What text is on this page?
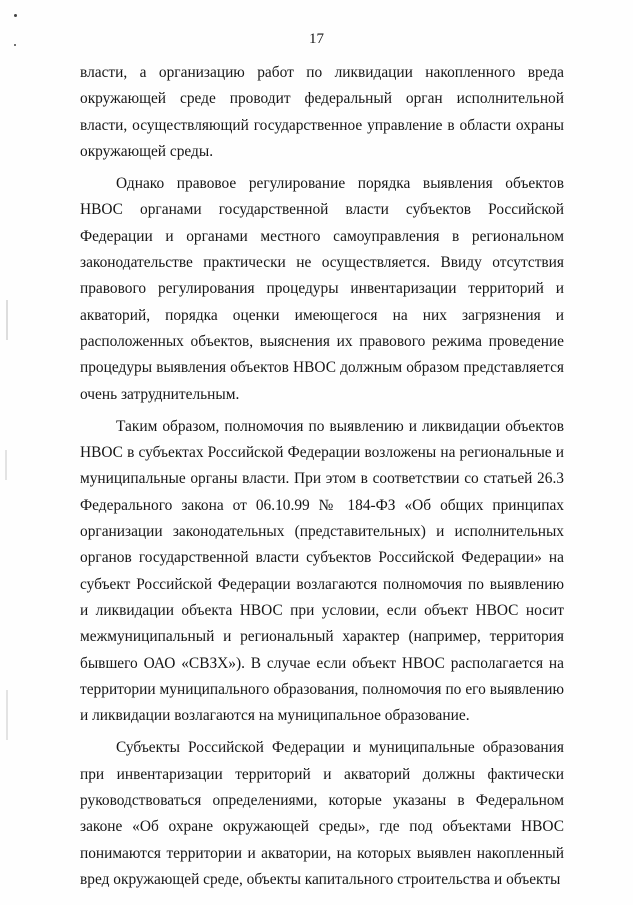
17

власти, а организацию работ по ликвидации накопленного вреда окружающей среде проводит федеральный орган исполнительной власти, осуществляющий государственное управление в области охраны окружающей среды.

Однако правовое регулирование порядка выявления объектов НВОС органами государственной власти субъектов Российской Федерации и органами местного самоуправления в региональном законодательстве практически не осуществляется. Ввиду отсутствия правового регулирования процедуры инвентаризации территорий и акваторий, порядка оценки имеющегося на них загрязнения и расположенных объектов, выяснения их правового режима проведение процедуры выявления объектов НВОС должным образом представляется очень затруднительным.

Таким образом, полномочия по выявлению и ликвидации объектов НВОС в субъектах Российской Федерации возложены на региональные и муниципальные органы власти. При этом в соответствии со статьей 26.3 Федерального закона от 06.10.99 № 184-ФЗ «Об общих принципах организации законодательных (представительных) и исполнительных органов государственной власти субъектов Российской Федерации» на субъект Российской Федерации возлагаются полномочия по выявлению и ликвидации объекта НВОС при условии, если объект НВОС носит межмуниципальный и региональный характер (например, территория бывшего ОАО «СВЗХ»). В случае если объект НВОС располагается на территории муниципального образования, полномочия по его выявлению и ликвидации возлагаются на муниципальное образование.

Субъекты Российской Федерации и муниципальные образования при инвентаризации территорий и акваторий должны фактически руководствоваться определениями, которые указаны в Федеральном законе «Об охране окружающей среды», где под объектами НВОС понимаются территории и акватории, на которых выявлен накопленный вред окружающей среде, объекты капитального строительства и объекты
